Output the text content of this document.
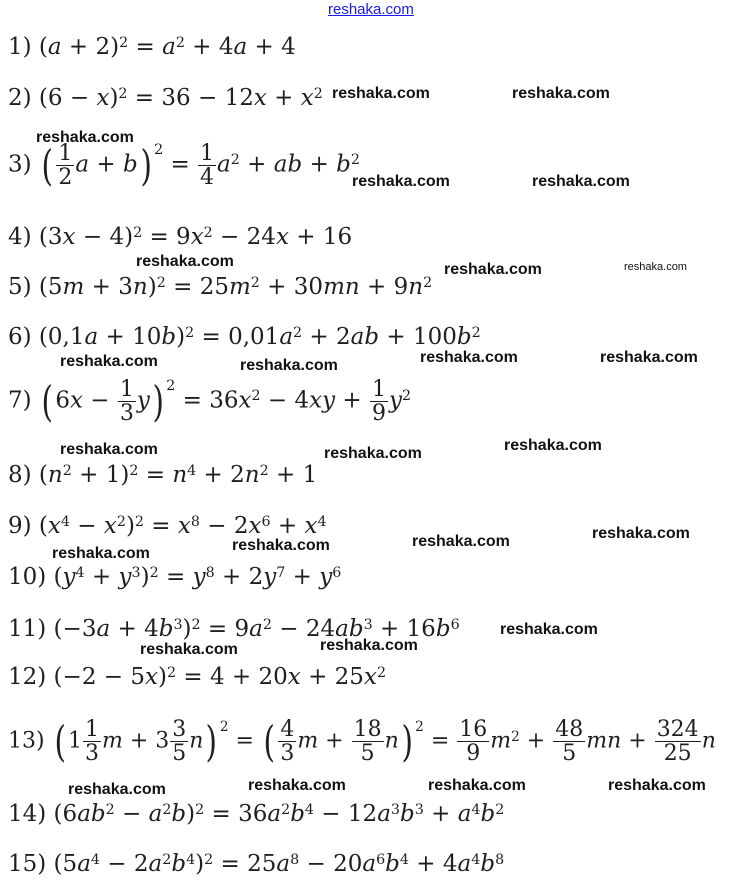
reshaka.com
1) $(a + 2)^2 = a^2 + 4a + 4$
2) $(6 - x)^2 = 36 - 12x + x^2$
3) ( $\frac{1}{2}$ a + b) $^2 = \frac{1}{4} a^2$ + ab + $b^2$
4) $(3x - 4)^2 = 9x^2 - 24x + 16$
5) $(5m + 3n)^2 = 25m^2 + 30mn + 9n^2$
6) $(0,1a + 10b)^2 = 0,01a^2 + 2ab + 100b^2$
7) ( $6x - \frac{1}{3} y$) $^2 = 36x^2 - 4xy + \frac{1}{9} y^2$
8) $(n^2 + 1)^2 = n^4 + 2n^2 + 1$
9) $(x^4 - x^2)^2 = x^8 - 2x^6 + x^4$
10) $(y^4 + y^3)^2 = y^8 + 2y^7 + y^6$
11) $(-3a + 4b^3)^2 = 9a^2 - 24ab^3 + 16b^6$
12) $(-2 - 5x)^2 = 4 + 20x + 25x^2$
13) ( $1 \frac{1}{3}$ $m + 3 \frac{3}{5} n$) $^2$ = ( $\frac{4}{3}$ $m + \frac{18}{5} n$) $^2 = \frac{16}{9} m^2 + \frac{48}{5}$ mn + $\frac{324}{25}$ n
14) $(6ab^2 - a^2b)^2 = 36a^2b^4 - 12a^3b^3 + a^4b^2$
15) $(5a^4 - 2a^2b^4)^2 = 25a^8 - 20a^6b^4 + 4a^4b^8$
reshaka.com	reshaka.com
reshaka.com
reshaka.com	reshaka.com
reshaka.com	reshaka.com	reshaka.com
reshaka.com	reshaka.com	reshaka.com	reshaka.com
reshaka.com	reshaka.com	reshaka.com
reshaka.com	reshaka.com	reshaka.com	reshaka.com
reshaka.com
reshaka.com	reshaka.com
reshaka.com	reshaka.com	reshaka.com	reshaka.com
